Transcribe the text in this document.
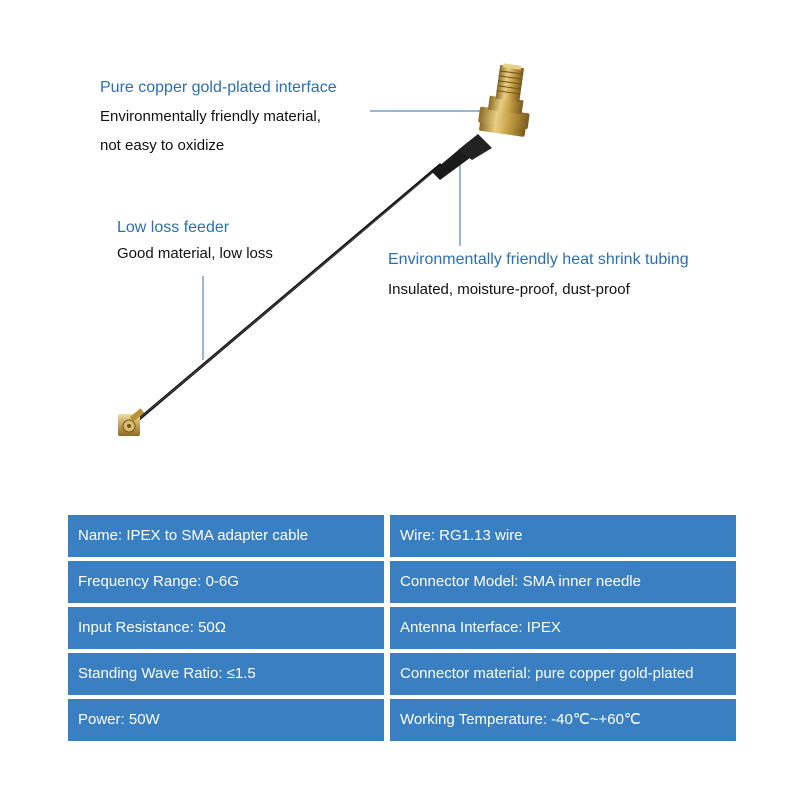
Pure copper gold-plated interface
Environmentally friendly material,
not easy to oxidize
Low loss feeder
Good material, low loss	Environmentally friendly heat shrink tubing
Insulated, moisture-proof, dust-proof
Name: IPEX to SMA adapter cable
Frequency Range: 0-6G
Input Resistance: 50Ω
Standing Wave Ratio: ≤1.5
Power: 50W
Wire: RG1.13 wire
Connector Model: SMA inner needle
Antenna Interface: IPEX
Connector material: pure copper gold-plated
Working Temperature: -40℃~+60℃
